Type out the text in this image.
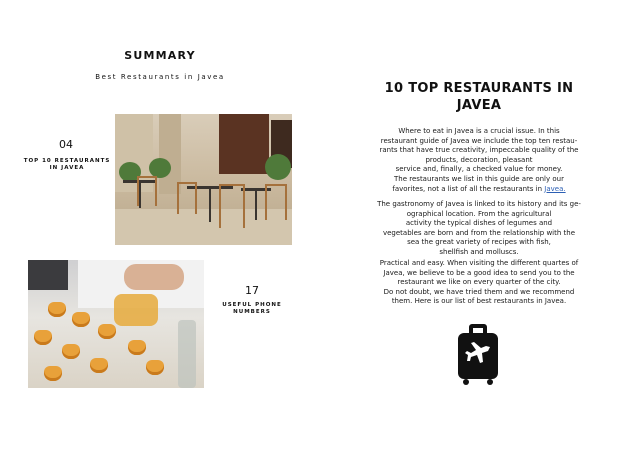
SUMMARY
Best Restaurants in Javea
04
TOP 10 RESTAURANTS
IN JAVEA
17
USEFUL PHONE
NUMBERS
10 TOP RESTAURANTS IN
JAVEA
Where to eat in Javea is a crucial issue. In this
restaurant guide of Javea we include the top ten restau-
rants that have true creativity, impeccable quality of the
products, decoration, pleasant
service and, finally, a checked value for money.
The restaurants we list in this guide are only our
favorites, not a list of all the restaurants in Javea.
The gastronomy of Javea is linked to its history and its ge-
ographical location. From the agricultural
activity the typical dishes of legumes and
vegetables are born and from the relationship with the
sea the great variety of recipes with fish,
shellfish and molluscs.
Practical and easy. When visiting the different quartes of
Javea, we believe to be a good idea to send you to the
restaurant we like on every quarter of the city.
Do not doubt, we have tried them and we recommend
them. Here is our list of best restaurants in Javea.
